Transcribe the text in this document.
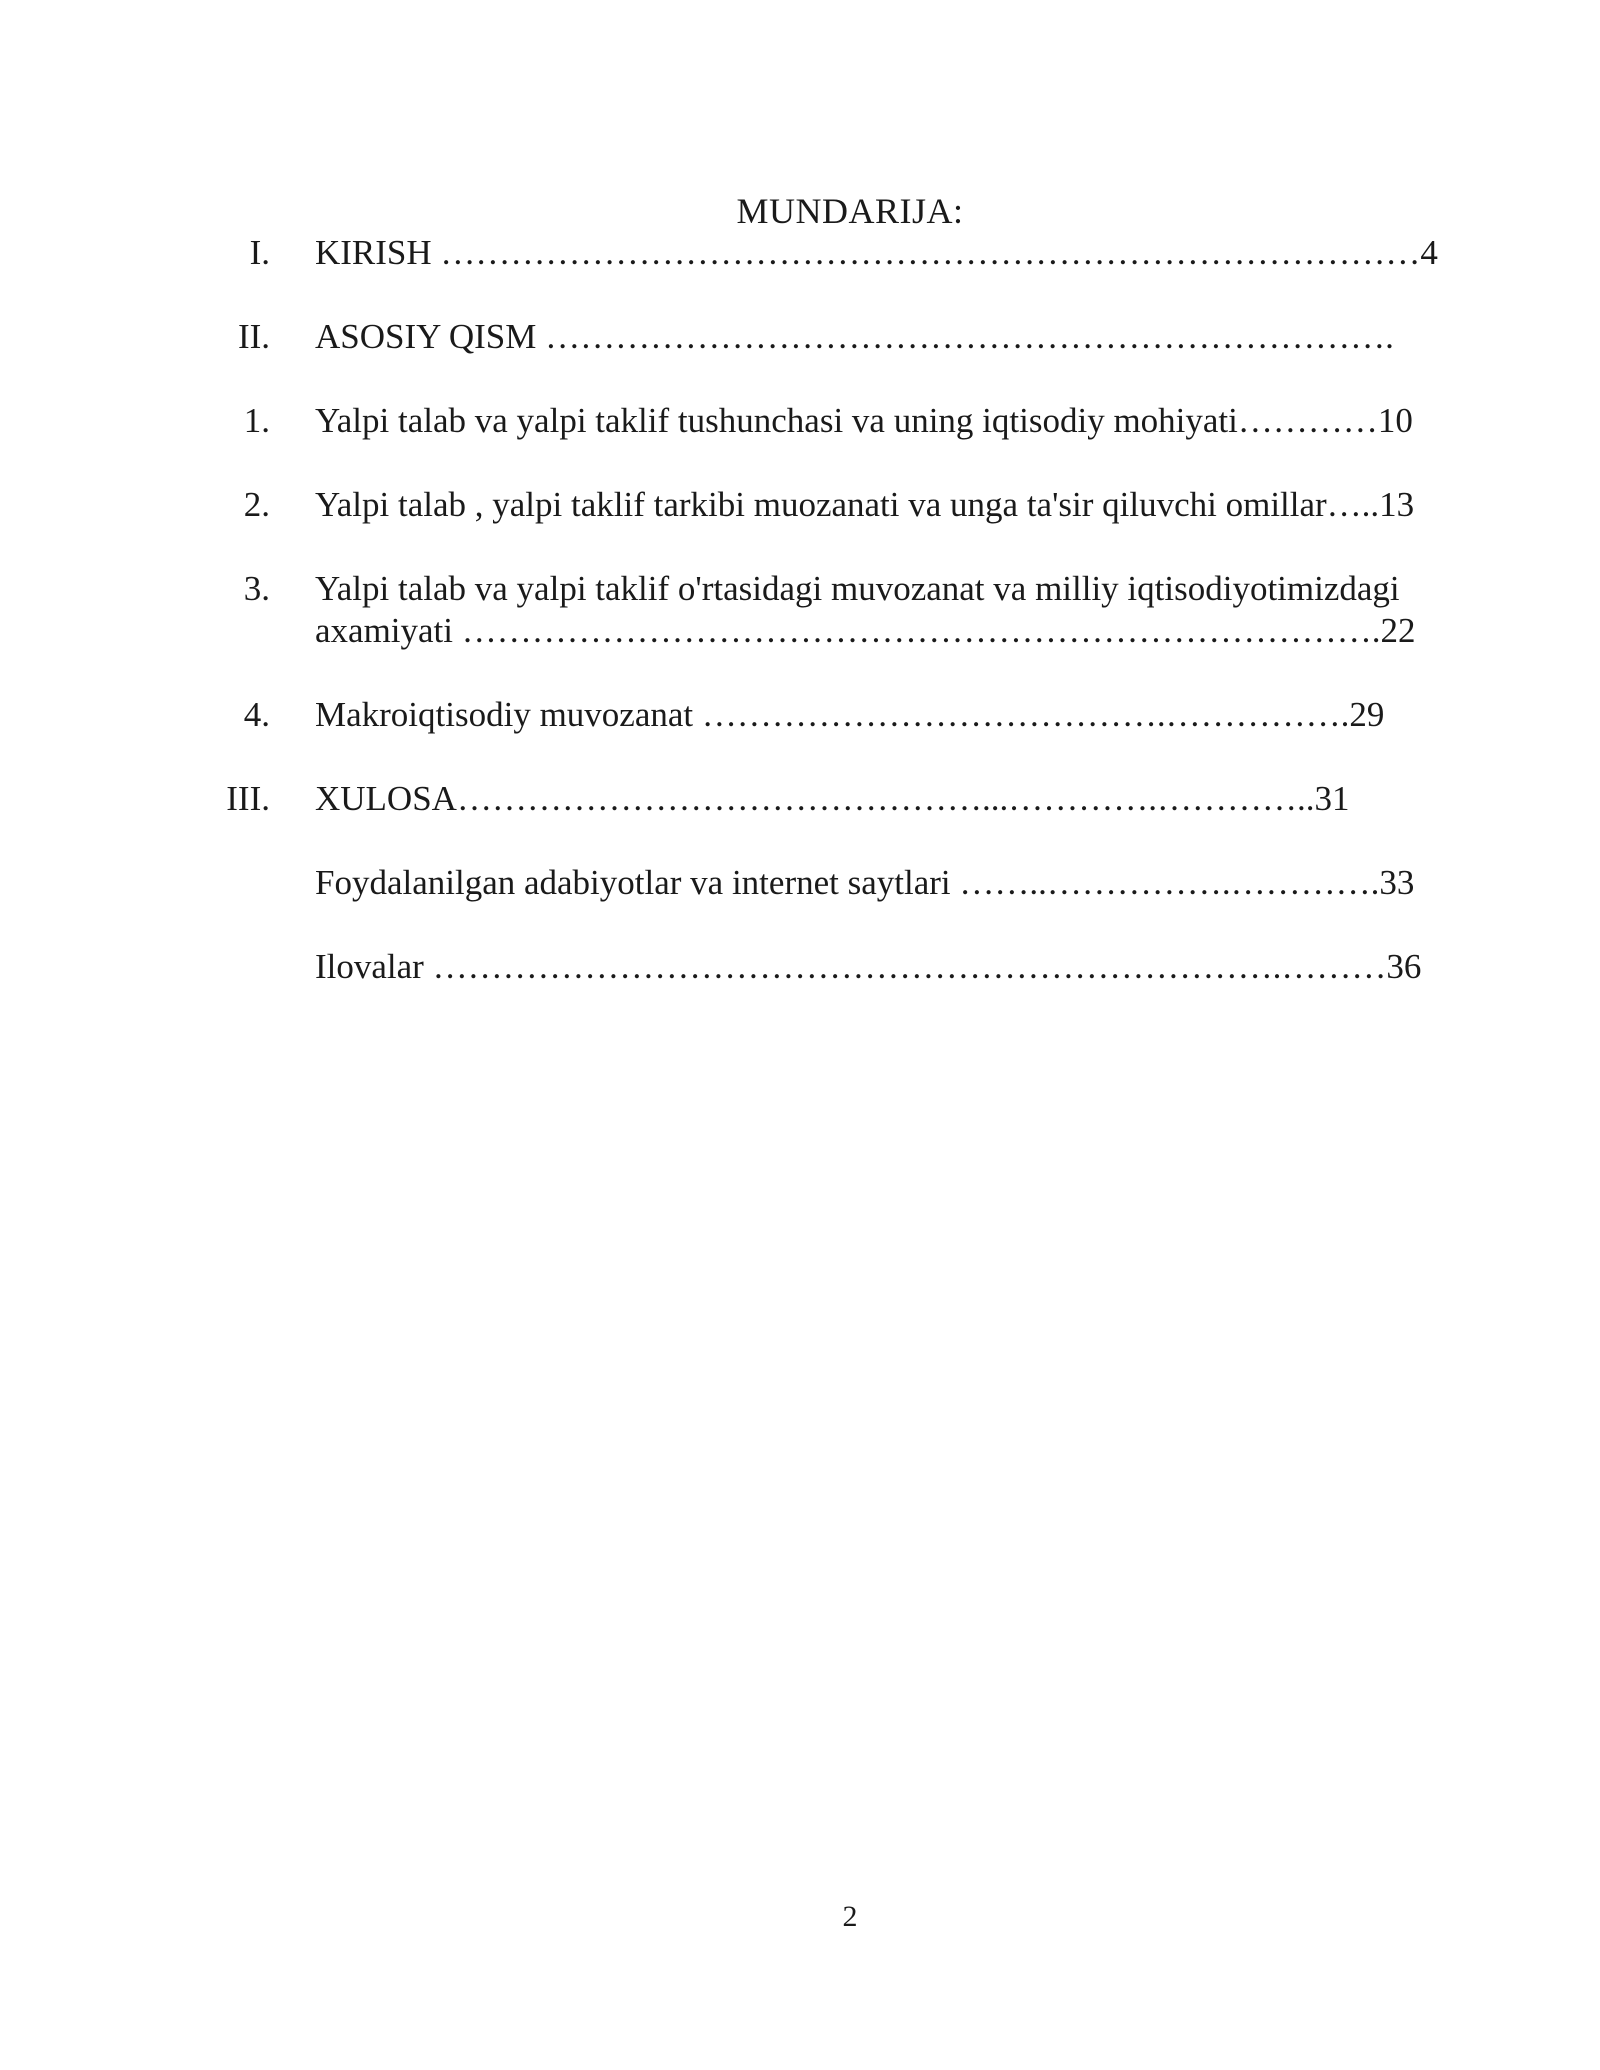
MUNDARIJA:
I. KIRISH …………………………………………………………………………4
II. ASOSIY QISM ……………………………………………………………….
1. Yalpi talab va yalpi taklif tushunchasi va uning iqtisodiy mohiyati…………10
2. Yalpi talab , yalpi taklif tarkibi muozanati va unga ta'sir qiluvchi omillar…..13
3. Yalpi talab va yalpi taklif o'rtasidagi muvozanat va milliy iqtisodiyotimizdagi axamiyati …………………………………………………………………….22
4. Makroiqtisodiy muvozanat ………………………………….…………….29
III. XULOSA………………………………………...………….…………..31
Foydalanilgan adabiyotlar va internet saytlari ……..…………….………….33
Ilovalar ……………………………………………………………….………36
2
